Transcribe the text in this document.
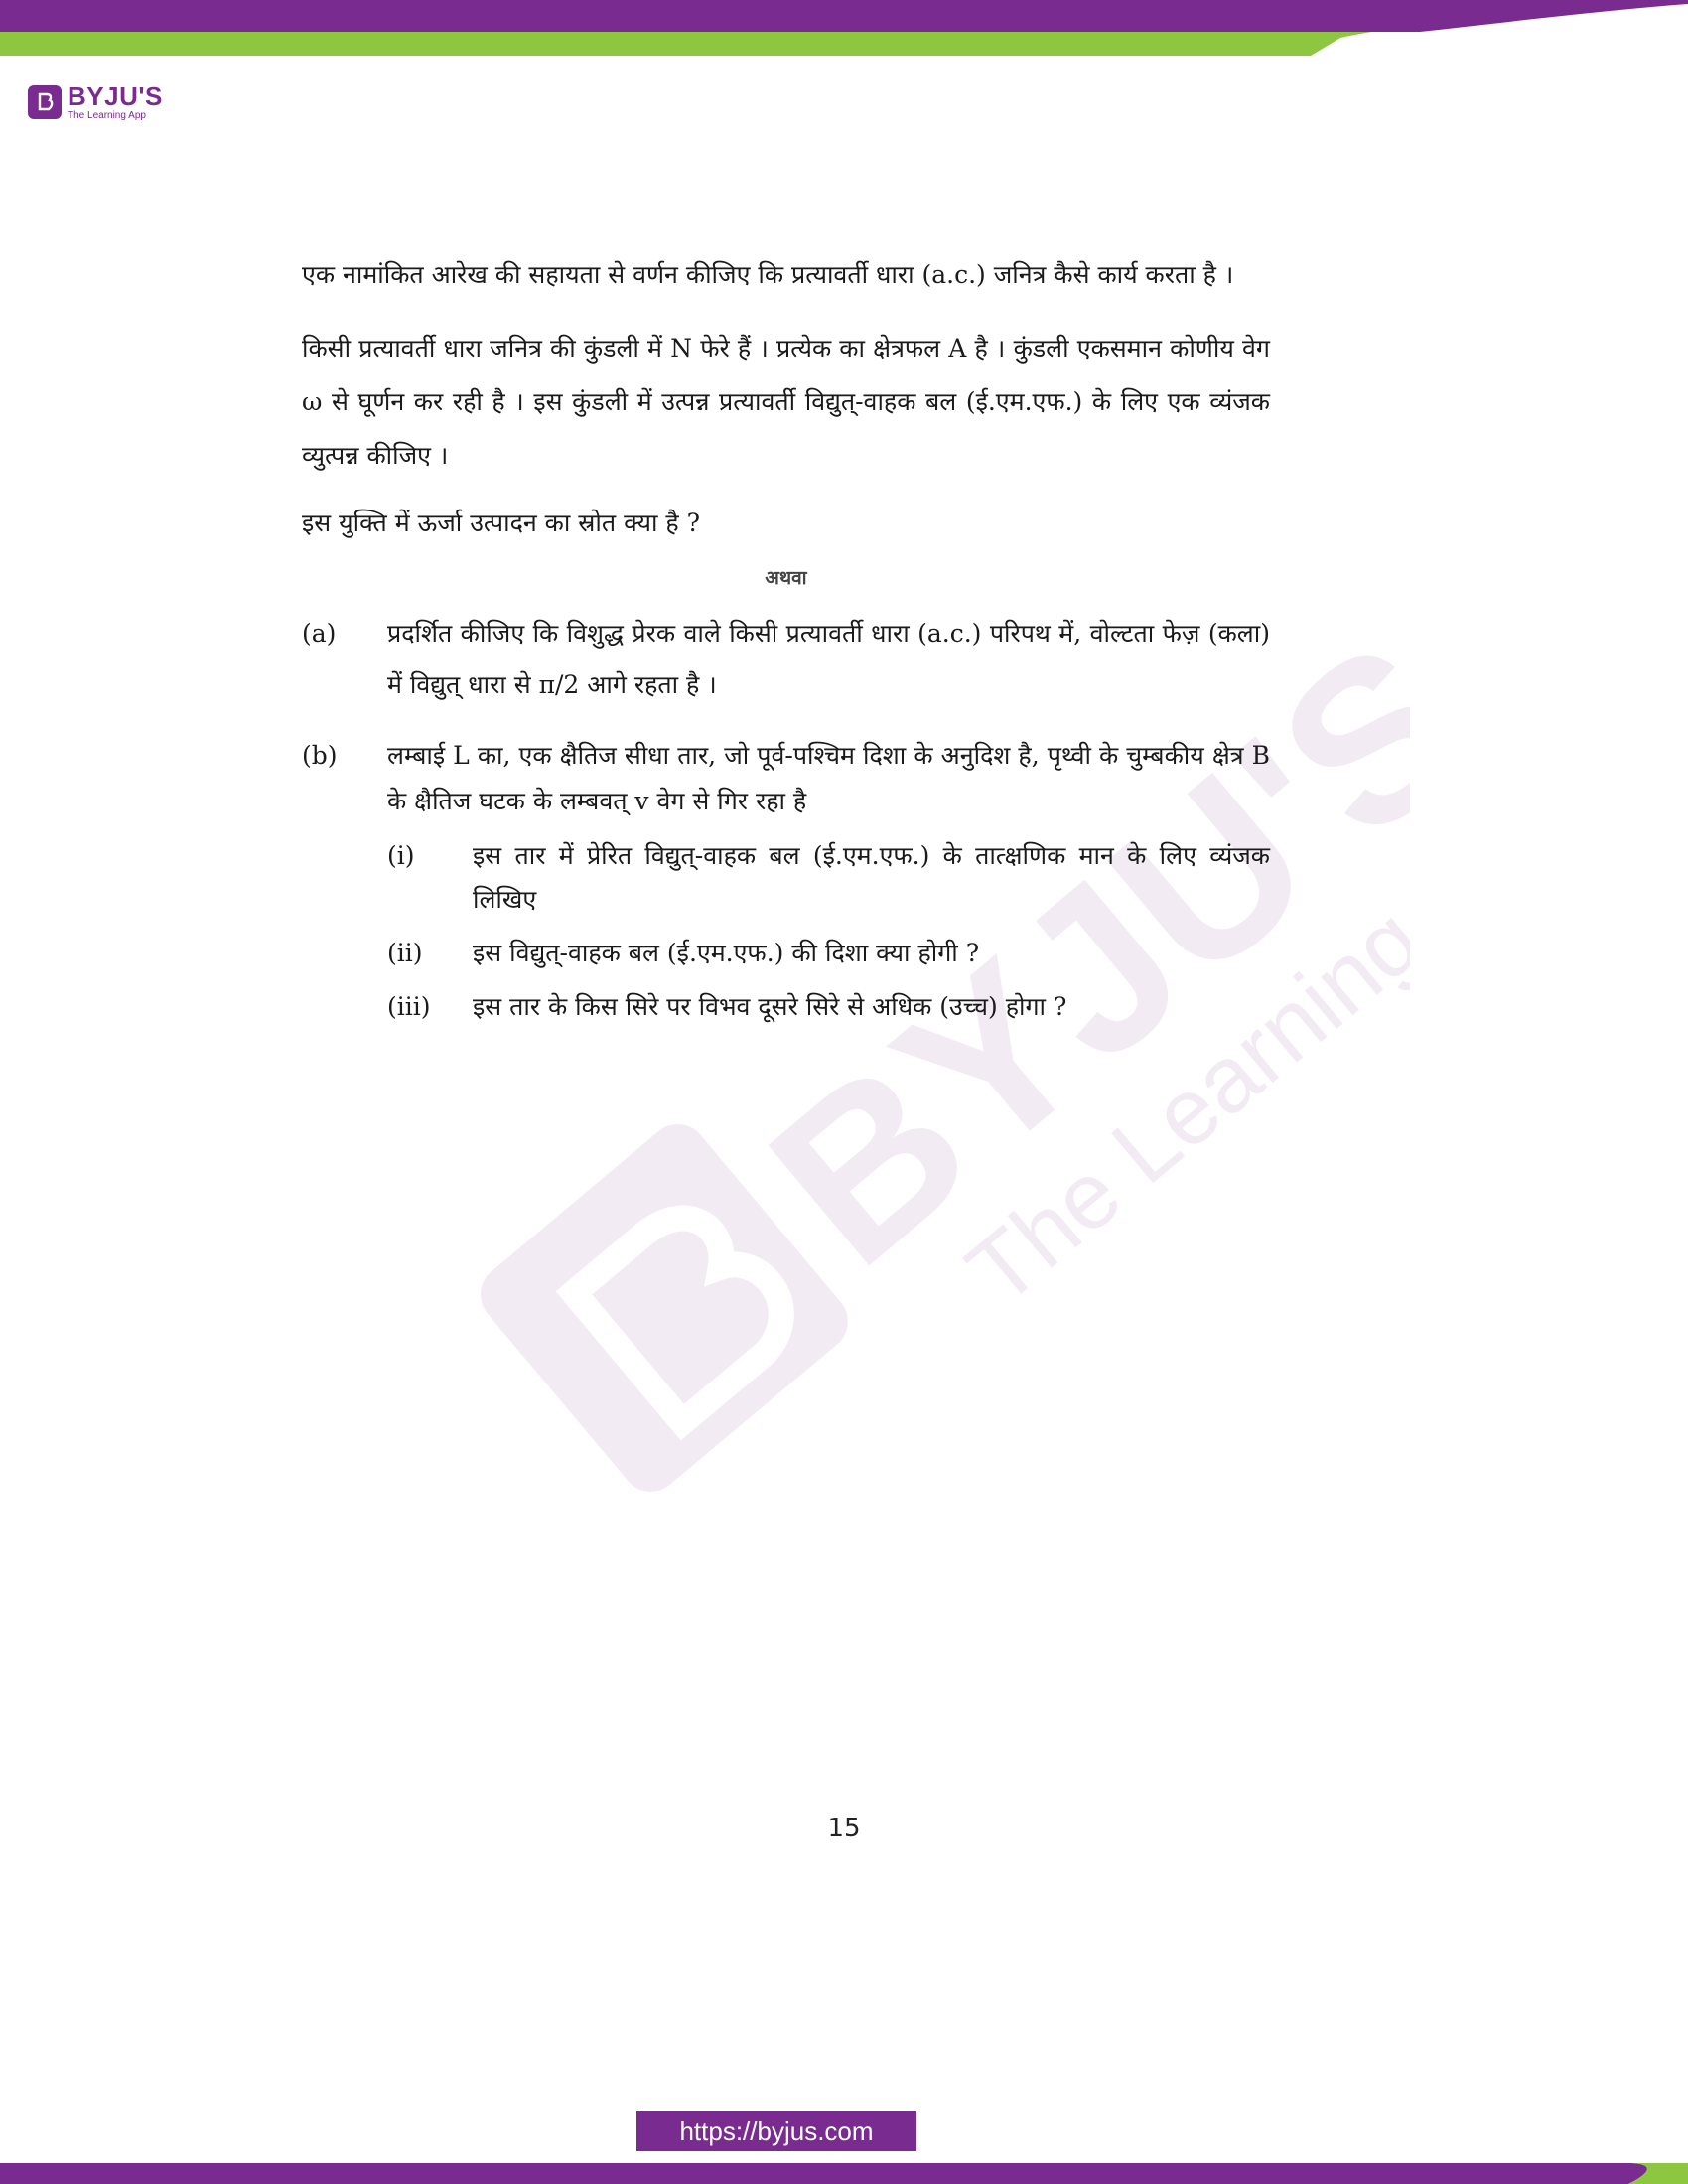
BYJU'S
The Learning App
BYJU'S
The Learning App

एक नामांकित आरेख की सहायता से वर्णन कीजिए कि प्रत्यावर्ती धारा (a.c.) जनित्र कैसे कार्य करता है ।

किसी प्रत्यावर्ती धारा जनित्र की कुंडली में N फेरे हैं । प्रत्येक का क्षेत्रफल A है । कुंडली एकसमान कोणीय वेग ω से घूर्णन कर रही है । इस कुंडली में उत्पन्न प्रत्यावर्ती विद्युत्-वाहक बल (ई.एम.एफ.) के लिए एक व्यंजक व्युत्पन्न कीजिए ।

इस युक्ति में ऊर्जा उत्पादन का स्रोत क्या है ?

अथवा
(a)	प्रदर्शित कीजिए कि विशुद्ध प्रेरक वाले किसी प्रत्यावर्ती धारा (a.c.) परिपथ में, वोल्टता फेज़ (कला) में विद्युत् धारा से π/2 आगे रहता है ।
(b)	लम्बाई L का, एक क्षैतिज सीधा तार, जो पूर्व-पश्चिम दिशा के अनुदिश है, पृथ्वी के चुम्बकीय क्षेत्र B के क्षैतिज घटक के लम्बवत् v वेग से गिर रहा है
(i)	इस तार में प्रेरित विद्युत्-वाहक बल (ई.एम.एफ.) के तात्क्षणिक मान के लिए व्यंजक लिखिए
(ii)	इस विद्युत्-वाहक बल (ई.एम.एफ.) की दिशा क्या होगी ?
(iii)	इस तार के किस सिरे पर विभव दूसरे सिरे से अधिक (उच्च) होगा ?
15
https://byjus.com
